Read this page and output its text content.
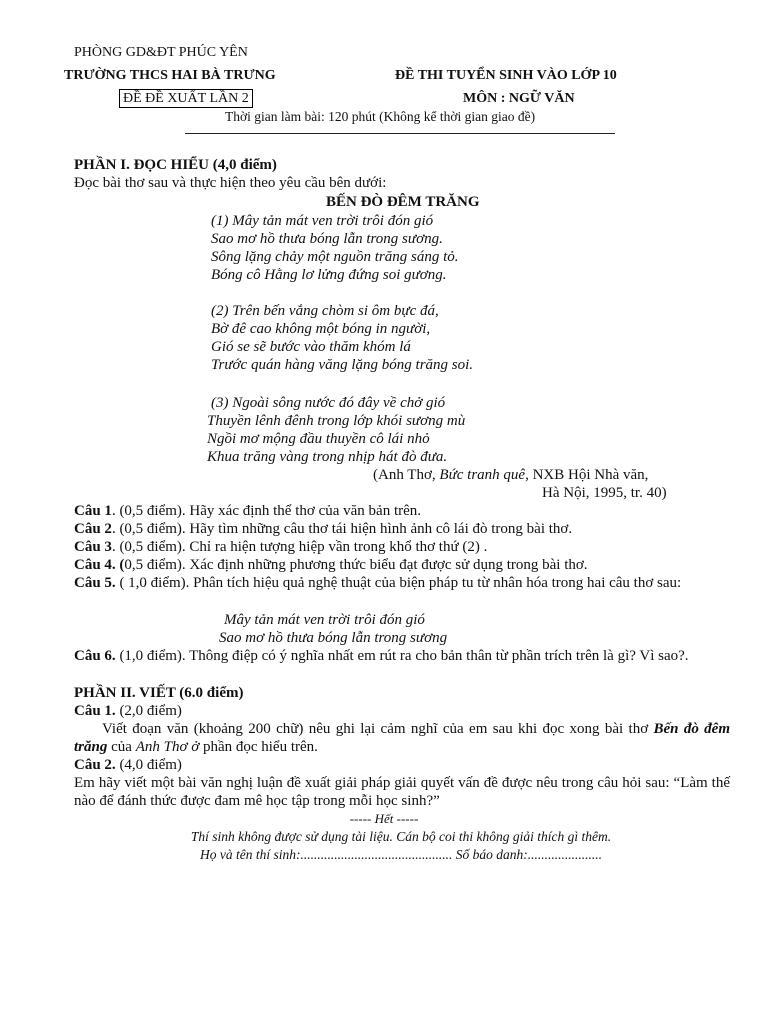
PHÒNG GD&ĐT PHÚC YÊN
TRƯỜNG THCS HAI BÀ TRƯNG	ĐỀ THI TUYỂN SINH VÀO LỚP 10
ĐỀ ĐỀ XUẤT LẦN 2	MÔN : NGỮ VĂN
Thời gian làm bài: 120 phút (Không kể thời gian giao đề)
PHẦN I. ĐỌC HIỂU (4,0 điểm)
Đọc bài thơ sau và thực hiện theo yêu cầu bên dưới:
BẾN ĐÒ ĐÊM TRĂNG
(1) Mây tản mát ven trời trôi đón gió
Sao mơ hồ thưa bóng lẫn trong sương.
Sông lặng chảy một nguồn trăng sáng tỏ.
Bóng cô Hằng lơ lửng đứng soi gương.
(2) Trên bến vắng chòm si ôm bực đá,
Bờ đê cao không một bóng in người,
Gió se sẽ bước vào thăm khóm lá
Trước quán hàng văng lặng bóng trăng soi.
(3) Ngoài sông nước đó đây về chở gió
Thuyền lênh đênh trong lớp khói sương mù
Ngồi mơ mộng đầu thuyền cô lái nhỏ
Khua trăng vàng trong nhịp hát đò đưa.
(Anh Thơ, Bức tranh quê, NXB Hội Nhà văn,
Hà Nội, 1995, tr. 40)
Câu 1. (0,5 điểm). Hãy xác định thể thơ của văn bản trên.
Câu 2. (0,5 điểm). Hãy tìm những câu thơ tái hiện hình ảnh cô lái đò trong bài thơ.
Câu 3. (0,5 điểm). Chỉ ra hiện tượng hiệp vần trong khổ thơ thứ (2) .
Câu 4. (0,5 điểm). Xác định những phương thức biểu đạt được sử dụng trong bài thơ.
Câu 5. ( 1,0 điểm). Phân tích hiệu quả nghệ thuật của biện pháp tu từ nhân hóa trong hai câu thơ sau:
Mây tản mát ven trời trôi đón gió
Sao mơ hồ thưa bóng lẫn trong sương
Câu 6. (1,0 điểm). Thông điệp có ý nghĩa nhất em rút ra cho bản thân từ phần trích trên là gì? Vì sao?.
PHẦN II. VIẾT (6.0 điểm)
Câu 1. (2,0 điểm)
Viết đoạn văn (khoảng 200 chữ) nêu ghi lại cảm nghĩ của em sau khi đọc xong bài thơ Bến đò đêm trăng của Anh Thơ ở phần đọc hiểu trên.
Câu 2. (4,0 điểm)
Em hãy viết một bài văn nghị luận đề xuất giải pháp giải quyết vấn đề được nêu trong câu hỏi sau: “Làm thế nào để đánh thức được đam mê học tập trong mỗi học sinh?”
----- Hết -----
Thí sinh không được sử dụng tài liệu. Cán bộ coi thi không giải thích gì thêm.
Họ và tên thí sinh:............................................. Số báo danh:......................
